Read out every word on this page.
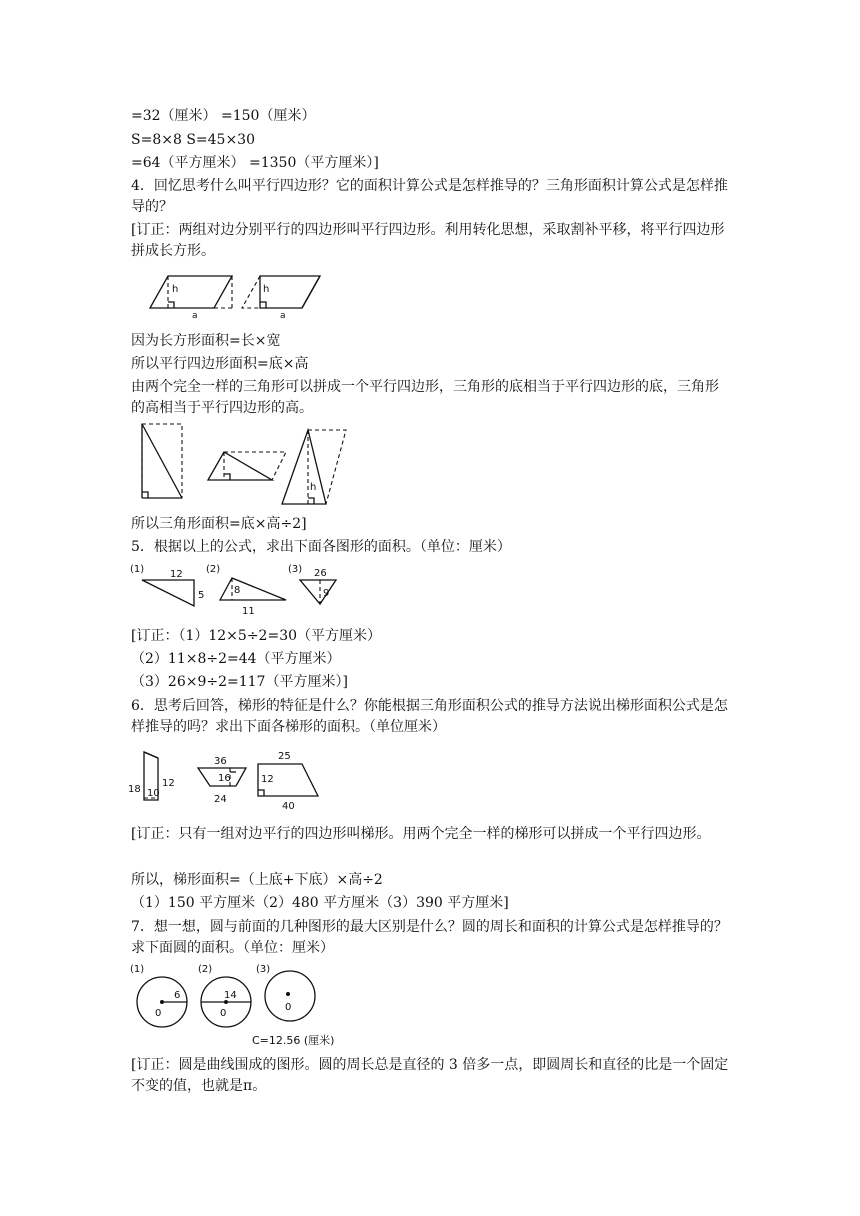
=32（厘米） =150（厘米）
S=8×8 S=45×30
=64（平方厘米） =1350（平方厘米）]
4．回忆思考什么叫平行四边形？它的面积计算公式是怎样推导的？三角形面积计算公式是怎样推导的？
[订正：两组对边分别平行的四边形叫平行四边形。利用转化思想，采取割补平移，将平行四边形拼成长方形。
h
a
h
a
因为长方形面积=长×宽
所以平行四边形面积=底×高
由两个完全一样的三角形可以拼成一个平行四边形，三角形的底相当于平行四边形的底，三角形的高相当于平行四边形的高。
h
所以三角形面积=底×高÷2]
5．根据以上的公式，求出下面各图形的面积。（单位：厘米）
(1)	12
5
(2)
8
11
(3) 26
9
[订正：（1）12×5÷2=30（平方厘米）
（2）11×8÷2=44（平方厘米）
（3）26×9÷2=117（平方厘米）]
6．思考后回答，梯形的特征是什么？你能根据三角形面积公式的推导方法说出梯形面积公式是怎样推导的吗？求出下面各梯形的面积。（单位厘米）
18 10
12
36
16
24
25
12
40
[订正：只有一组对边平行的四边形叫梯形。用两个完全一样的梯形可以拼成一个平行四边形。
所以，梯形面积=（上底+下底）×高÷2
（1）150 平方厘米（2）480 平方厘米（3）390 平方厘米]
7．想一想，圆与前面的几种图形的最大区别是什么？圆的周长和面积的计算公式是怎样推导的？求下面圆的面积。（单位：厘米）
(1)
6
0
(2)
14
0
(3)
0
C=12.56 (厘米)
[订正：圆是曲线围成的图形。圆的周长总是直径的 3 倍多一点，即圆周长和直径的比是一个固定不变的值，也就是π。
